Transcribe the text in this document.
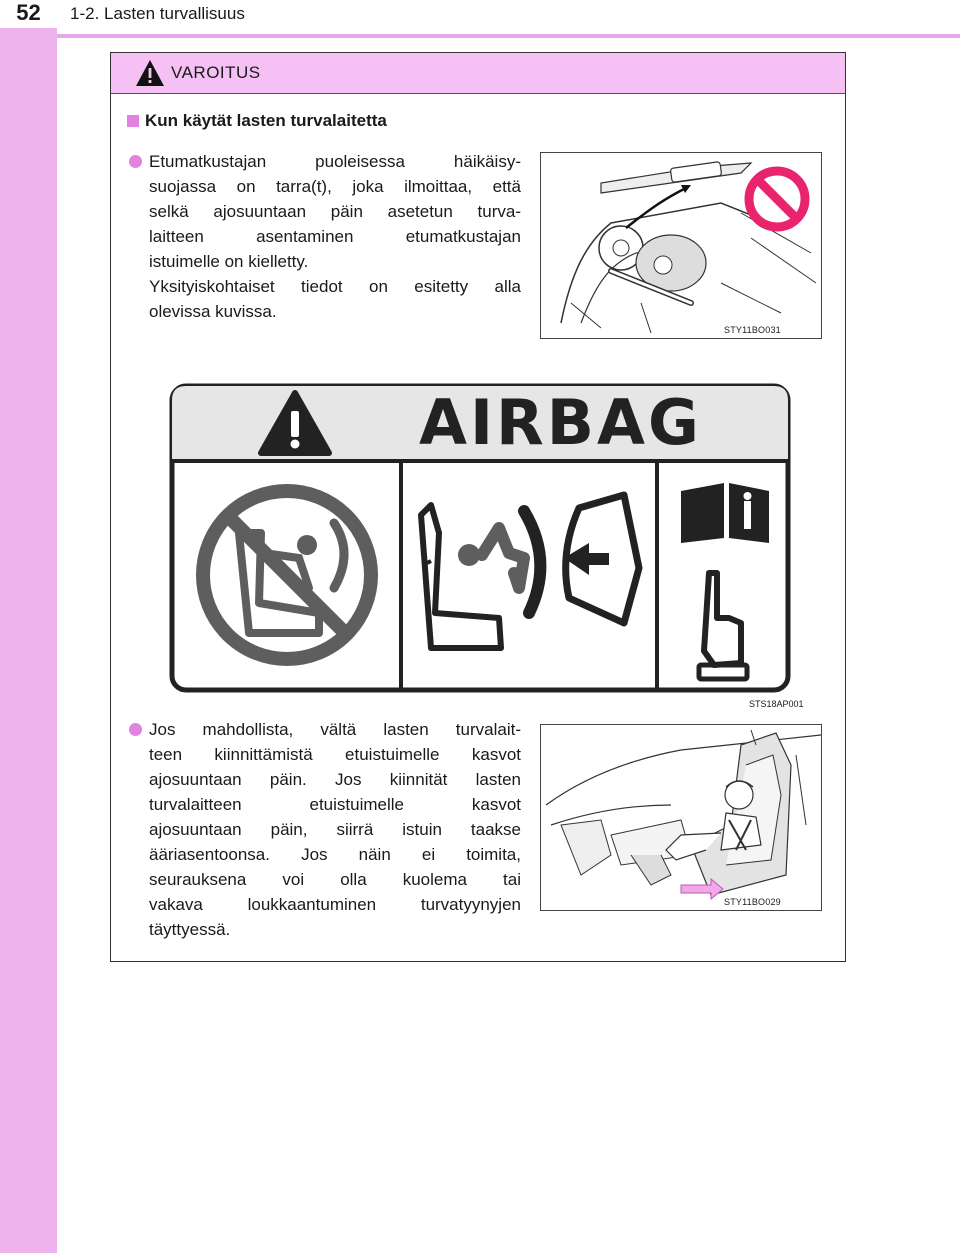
52	1-2. Lasten turvallisuus
VAROITUS
Kun käytät lasten turvalaitetta
Etumatkustajan puoleisessa häikäisy-
suojassa on tarra(t), joka ilmoittaa, että
selkä ajosuuntaan päin asetetun turva-
laitteen asentaminen etumatkustajan
istuimelle on kielletty.
Yksityiskohtaiset tiedot on esitetty alla
olevissa kuvissa.
STY11BO031
AIRBAG
STS18AP001
Jos mahdollista, vältä lasten turvalait-
teen kiinnittämistä etuistuimelle kasvot
ajosuuntaan päin. Jos kiinnität lasten
turvalaitteen etuistuimelle kasvot
ajosuuntaan päin, siirrä istuin taakse
ääriasentoonsa. Jos näin ei toimita,
seurauksena voi olla kuolema tai
vakava loukkaantuminen turvatyynyjen
täyttyessä.
STY11BO029
